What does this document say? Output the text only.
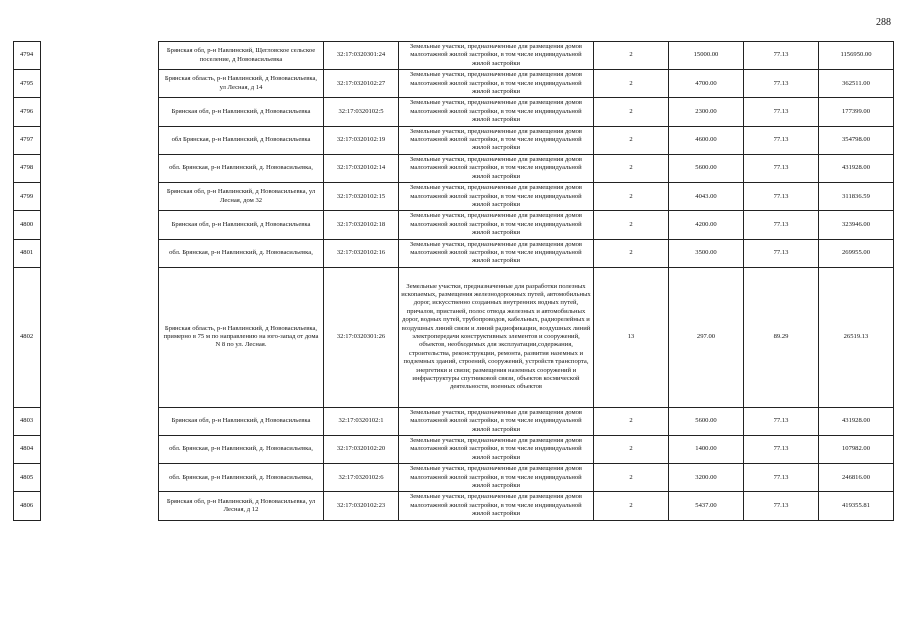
288
4794		Брянская обл, р-н Навлинский, Щегловское сельское поселение, д Нововасильевка	32:17:0320301:24	Земельные участки, предназначенные для размещения домов малоэтажной жилой застройки, в том числе индивидуальной жилой застройки	2	15000.00	77.13	1156950.00
4795		Брянская область, р-н Навлинский, д Нововасильевка, ул Лесная, д 14	32:17:0320102:27	Земельные участки, предназначенные для размещения домов малоэтажной жилой застройки, в том числе индивидуальной жилой застройки	2	4700.00	77.13	362511.00
4796		Брянская обл, р-н Навлинский, д Нововасильевка	32:17:0320102:5	Земельные участки, предназначенные для размещения домов малоэтажной жилой застройки, в том числе индивидуальной жилой застройки	2	2300.00	77.13	177399.00
4797		обл Брянская, р-н Навлинский, д Нововасильевка	32:17:0320102:19	Земельные участки, предназначенные для размещения домов малоэтажной жилой застройки, в том числе индивидуальной жилой застройки	2	4600.00	77.13	354798.00
4798		обл. Брянская, р-н Навлинский, д. Нововасильевка,	32:17:0320102:14	Земельные участки, предназначенные для размещения домов малоэтажной жилой застройки, в том числе индивидуальной жилой застройки	2	5600.00	77.13	431928.00
4799		Брянская обл, р-н Навлинский, д Нововасильевка, ул Лесная, дом 32	32:17:0320102:15	Земельные участки, предназначенные для размещения домов малоэтажной жилой застройки, в том числе индивидуальной жилой застройки	2	4043.00	77.13	311836.59
4800		Брянская обл, р-н Навлинский, д Нововасильевка	32:17:0320102:18	Земельные участки, предназначенные для размещения домов малоэтажной жилой застройки, в том числе индивидуальной жилой застройки	2	4200.00	77.13	323946.00
4801		обл. Брянская, р-н Навлинский, д. Нововасильевка,	32:17:0320102:16	Земельные участки, предназначенные для размещения домов малоэтажной жилой застройки, в том числе индивидуальной жилой застройки	2	3500.00	77.13	269955.00
4802		Брянская область, р-н Навлинский, д Нововасильевка, примерно в 75 м по направлению на юго-запад от дома N 8 по ул. Лесная.	32:17:0320301:26	Земельные участки, предназначенные для разработки полезных ископаемых, размещения железнодорожных путей, автомобильных дорог, искусственно созданных внутренних водных путей, причалов, пристаней, полос отвода железных и автомобильных дорог, водных путей, трубопроводов, кабельных, радиорелейных и воздушных линий связи и линий радиофикации, воздушных линий электропередачи конструктивных элементов и сооружений, объектов, необходимых для эксплуатации,содержания, строительства, реконструкции, ремонта, развития наземных и подземных зданий, строений, сооружений, устройств транспорта, энергетики и связи; размещения наземных сооружений и инфраструктуры спутниковой связи, объектов космической деятельности, военных объектов	13	297.00	89.29	26519.13
4803		Брянская обл, р-н Навлинский, д Нововасильевка	32:17:0320102:1	Земельные участки, предназначенные для размещения домов малоэтажной жилой застройки, в том числе индивидуальной жилой застройки	2	5600.00	77.13	431928.00
4804		обл. Брянская, р-н Навлинский, д. Нововасильевка,	32:17:0320102:20	Земельные участки, предназначенные для размещения домов малоэтажной жилой застройки, в том числе индивидуальной жилой застройки	2	1400.00	77.13	107982.00
4805		обл. Брянская, р-н Навлинский, д. Нововасильевка,	32:17:0320102:6	Земельные участки, предназначенные для размещения домов малоэтажной жилой застройки, в том числе индивидуальной жилой застройки	2	3200.00	77.13	246816.00
4806		Брянская обл, р-н Навлинский, д Нововасильевка, ул Лесная, д 12	32:17:0320102:23	Земельные участки, предназначенные для размещения домов малоэтажной жилой застройки, в том числе индивидуальной жилой застройки	2	5437.00	77.13	419355.81
